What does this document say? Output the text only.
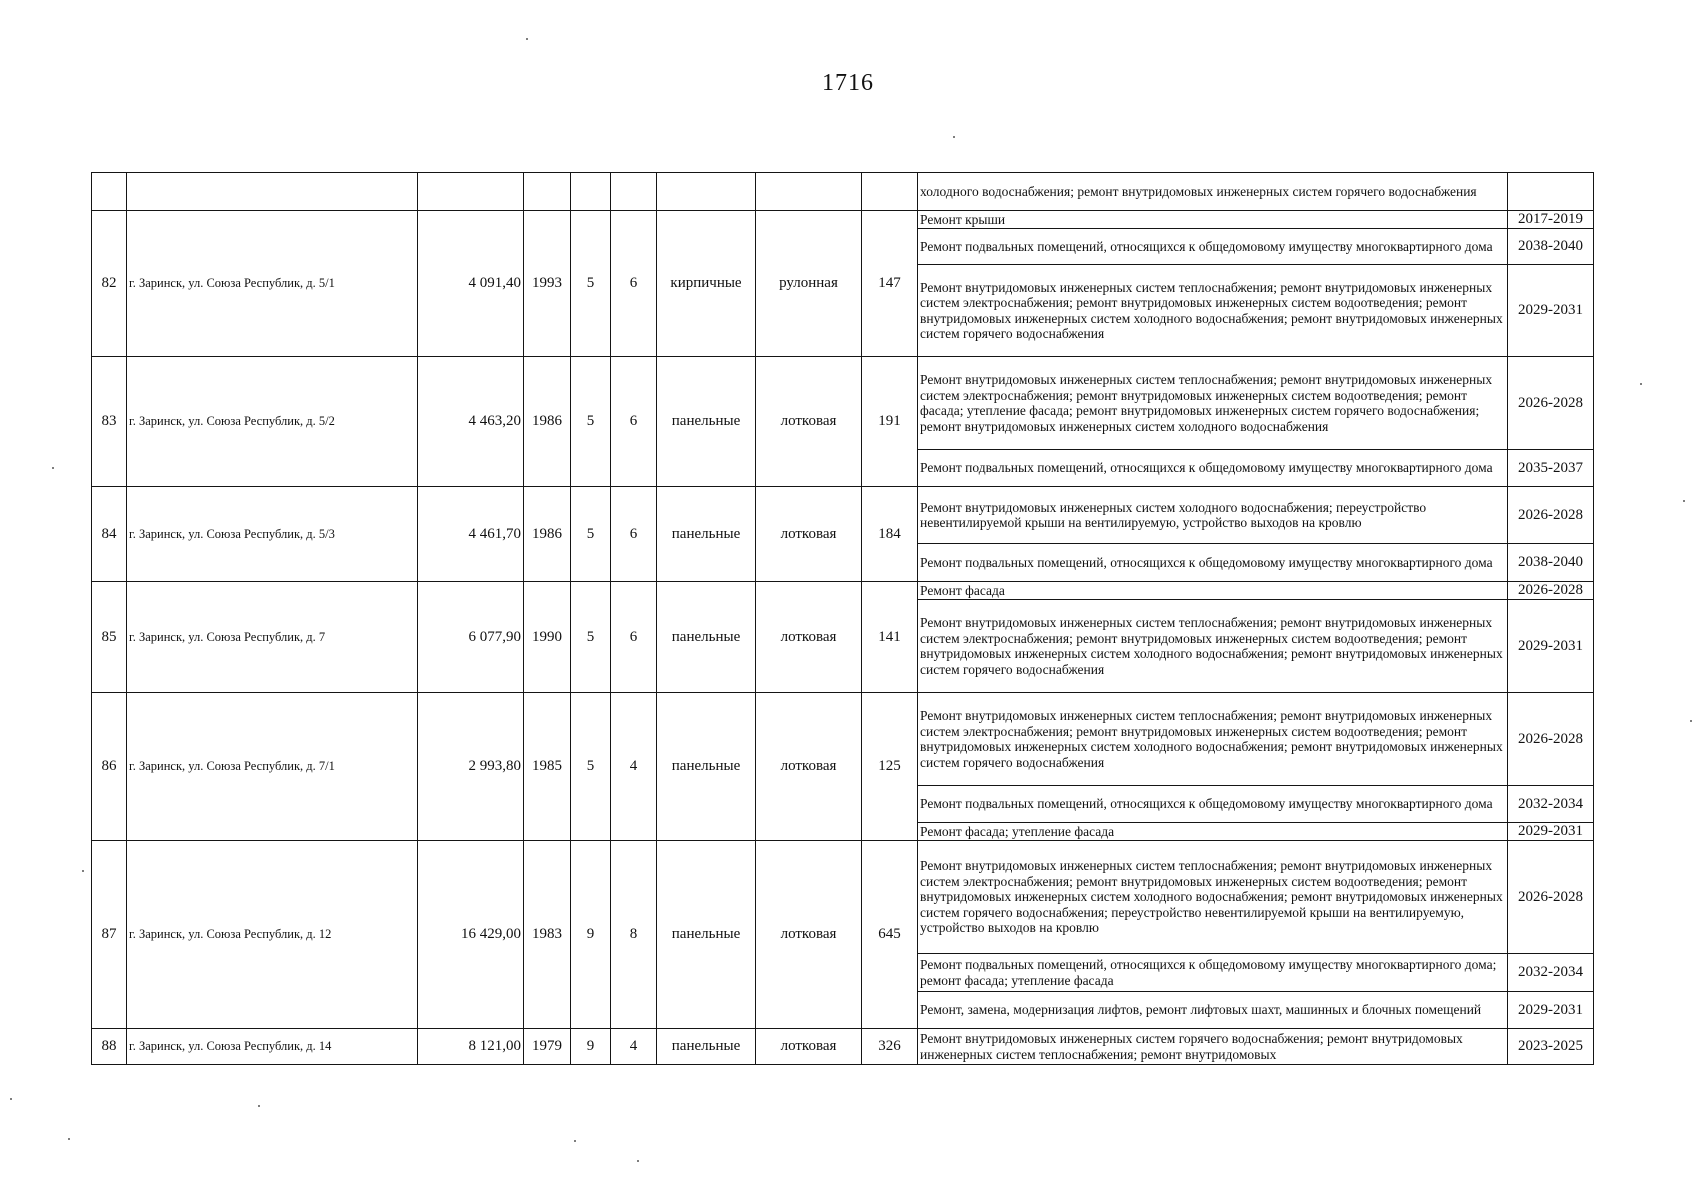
1716
									холодного водоснабжения; ремонт внутридомовых инженерных систем горячего водоснабжения	
82	г. Заринск, ул. Союза Республик, д. 5/1	4 091,40	1993	5	6	кирпичные	рулонная	147	Ремонт крыши	2017-2019
									Ремонт подвальных помещений, относящихся к общедомовому имуществу многоквартирного дома	2038-2040
									Ремонт внутридомовых инженерных систем теплоснабжения; ремонт внутридомовых инженерных систем электроснабжения; ремонт внутридомовых инженерных систем водоотведения; ремонт внутридомовых инженерных систем холодного водоснабжения; ремонт внутридомовых инженерных систем горячего водоснабжения	2029-2031
83	г. Заринск, ул. Союза Республик, д. 5/2	4 463,20	1986	5	6	панельные	лотковая	191	Ремонт внутридомовых инженерных систем теплоснабжения; ремонт внутридомовых инженерных систем электроснабжения; ремонт внутридомовых инженерных систем водоотведения; ремонт фасада; утепление фасада; ремонт внутридомовых инженерных систем горячего водоснабжения; ремонт внутридомовых инженерных систем холодного водоснабжения	2026-2028
									Ремонт подвальных помещений, относящихся к общедомовому имуществу многоквартирного дома	2035-2037
84	г. Заринск, ул. Союза Республик, д. 5/3	4 461,70	1986	5	6	панельные	лотковая	184	Ремонт внутридомовых инженерных систем холодного водоснабжения; переустройство невентилируемой крыши на вентилируемую, устройство выходов на кровлю	2026-2028
									Ремонт подвальных помещений, относящихся к общедомовому имуществу многоквартирного дома	2038-2040
85	г. Заринск, ул. Союза Республик, д. 7	6 077,90	1990	5	6	панельные	лотковая	141	Ремонт фасада	2026-2028
									Ремонт внутридомовых инженерных систем теплоснабжения; ремонт внутридомовых инженерных систем электроснабжения; ремонт внутридомовых инженерных систем водоотведения; ремонт внутридомовых инженерных систем холодного водоснабжения; ремонт внутридомовых инженерных систем горячего водоснабжения	2029-2031
86	г. Заринск, ул. Союза Республик, д. 7/1	2 993,80	1985	5	4	панельные	лотковая	125	Ремонт внутридомовых инженерных систем теплоснабжения; ремонт внутридомовых инженерных систем электроснабжения; ремонт внутридомовых инженерных систем водоотведения; ремонт внутридомовых инженерных систем холодного водоснабжения; ремонт внутридомовых инженерных систем горячего водоснабжения	2026-2028
									Ремонт подвальных помещений, относящихся к общедомовому имуществу многоквартирного дома	2032-2034
									Ремонт фасада; утепление фасада	2029-2031
87	г. Заринск, ул. Союза Республик, д. 12	16 429,00	1983	9	8	панельные	лотковая	645	Ремонт внутридомовых инженерных систем теплоснабжения; ремонт внутридомовых инженерных систем электроснабжения; ремонт внутридомовых инженерных систем водоотведения; ремонт внутридомовых инженерных систем холодного водоснабжения; ремонт внутридомовых инженерных систем горячего водоснабжения; переустройство невентилируемой крыши на вентилируемую, устройство выходов на кровлю	2026-2028
									Ремонт подвальных помещений, относящихся к общедомовому имуществу многоквартирного дома; ремонт фасада; утепление фасада	2032-2034
									Ремонт, замена, модернизация лифтов, ремонт лифтовых шахт, машинных и блочных помещений	2029-2031
88	г. Заринск, ул. Союза Республик, д. 14	8 121,00	1979	9	4	панельные	лотковая	326	Ремонт внутридомовых инженерных систем горячего водоснабжения; ремонт внутридомовых инженерных систем теплоснабжения; ремонт внутридомовых	2023-2025
